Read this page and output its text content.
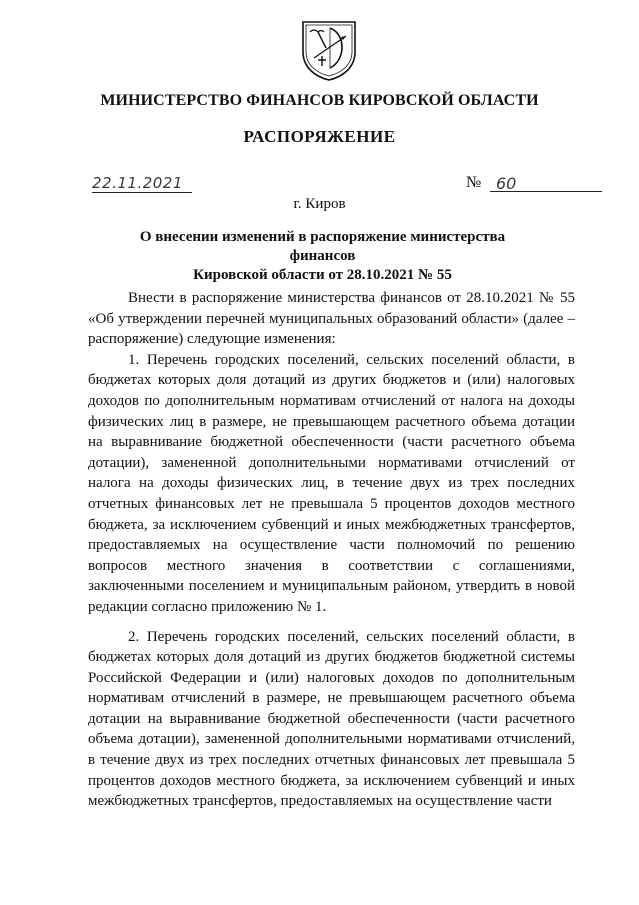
МИНИСТЕРСТВО ФИНАНСОВ КИРОВСКОЙ ОБЛАСТИ
РАСПОРЯЖЕНИЕ
22.11.2021	№ 60
г. Киров
О внесении изменений в распоряжение министерства финансов
Кировской области от 28.10.2021 № 55

Внести в распоряжение министерства финансов от 28.10.2021 № 55 «Об утверждении перечней муниципальных образований области» (далее – распоряжение) следующие изменения:

1. Перечень городских поселений, сельских поселений области, в бюджетах которых доля дотаций из других бюджетов и (или) налоговых доходов по дополнительным нормативам отчислений от налога на доходы физических лиц в размере, не превышающем расчетного объема дотации на выравнивание бюджетной обеспеченности (части расчетного объема дотации), замененной дополнительными нормативами отчислений от налога на доходы физических лиц, в течение двух из трех последних отчетных финансовых лет не превышала 5 процентов доходов местного бюджета, за исключением субвенций и иных межбюджетных трансфертов, предоставляемых на осуществление части полномочий по решению вопросов местного значения в соответствии с соглашениями, заключенными поселением и муниципальным районом, утвердить в новой редакции согласно приложению № 1.

2. Перечень городских поселений, сельских поселений области, в бюджетах которых доля дотаций из других бюджетов бюджетной системы Российской Федерации и (или) налоговых доходов по дополнительным нормативам отчислений в размере, не превышающем расчетного объема дотации на выравнивание бюджетной обеспеченности (части расчетного объема дотации), замененной дополнительными нормативами отчислений, в течение двух из трех последних отчетных финансовых лет превышала 5 процентов доходов местного бюджета, за исключением субвенций и иных межбюджетных трансфертов, предоставляемых на осуществление части
